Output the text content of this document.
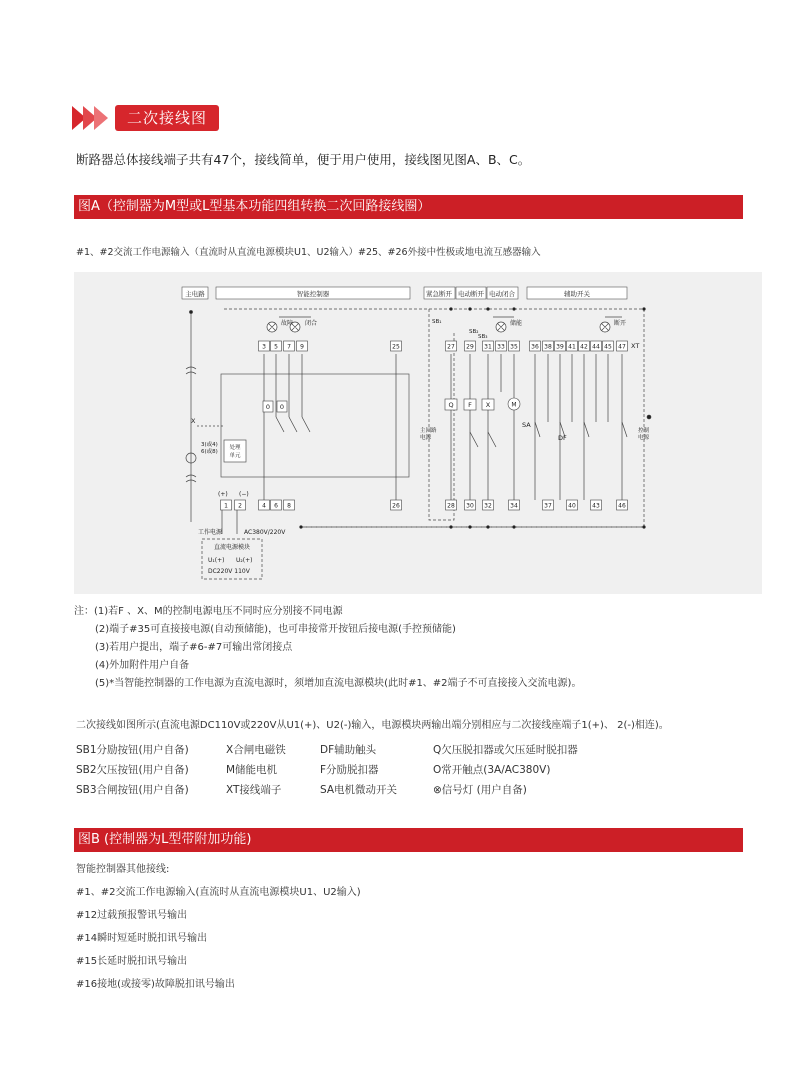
二次接线图
断路器总体接线端子共有47个，接线简单，便于用户使用，接线图见图A、B、C。
图A（控制器为M型或L型基本功能四组转换二次回路接线圈）
#1、#2交流工作电源输入（直流时从直流电源模块U1、U2输入）#25、#26外接中性极或地电流互感器输入
主电路	智能控制器	紧急断开 电动断开 电动闭合	辅助开关
故障 闭合	储能	断开
3 5 7 9	25	27 29 31 33 35 36 38 39 41 42 44 45 47
1 2	4 6 8	26	28 30 32	34	37	40	43	46
Q F X	M
0 0
SA
DF
XT
X
3(或4)
6(或8)
处理
单元
(+) (−)
工作电源	AC380V/220V
直流电源模块
U₁(+) U₂(+)
DC220V 110V
主回路
电源
控制
电源
SB₁
SB₂
SB₃
注：(1)若F 、X、M的控制电源电压不同时应分别接不同电源
(2)端子#35可直接接电源(自动预储能)，也可串接常开按钮后接电源(手控预储能)
(3)若用户提出，端子#6-#7可输出常闭接点
(4)外加附件用户自备
(5)*当智能控制器的工作电源为直流电源时，须增加直流电源模块(此时#1、#2端子不可直接接入交流电源)。
二次接线如图所示(直流电源DC110V或220V从U1(+)、U2(-)输入，电源模块两输出端分别相应与二次接线座端子1(+)、 2(-)相连)。
SB1分励按钮(用户自备)	X合闸电磁铁	DF辅助触头	Q欠压脱扣器或欠压延时脱扣器
SB2欠压按钮(用户自备)	M储能电机	F分励脱扣器	O常开触点(3A/AC380V)
SB3合闸按钮(用户自备)	XT接线端子	SA电机微动开关	⊗信号灯 (用户自备)
图B (控制器为L型带附加功能)
智能控制器其他接线:
#1、#2交流工作电源输入(直流时从直流电源模块U1、U2输入)
#12过载预报警讯号输出
#14瞬时短延时脱扣讯号输出
#15长延时脱扣讯号输出
#16接地(或接零)故障脱扣讯号输出
